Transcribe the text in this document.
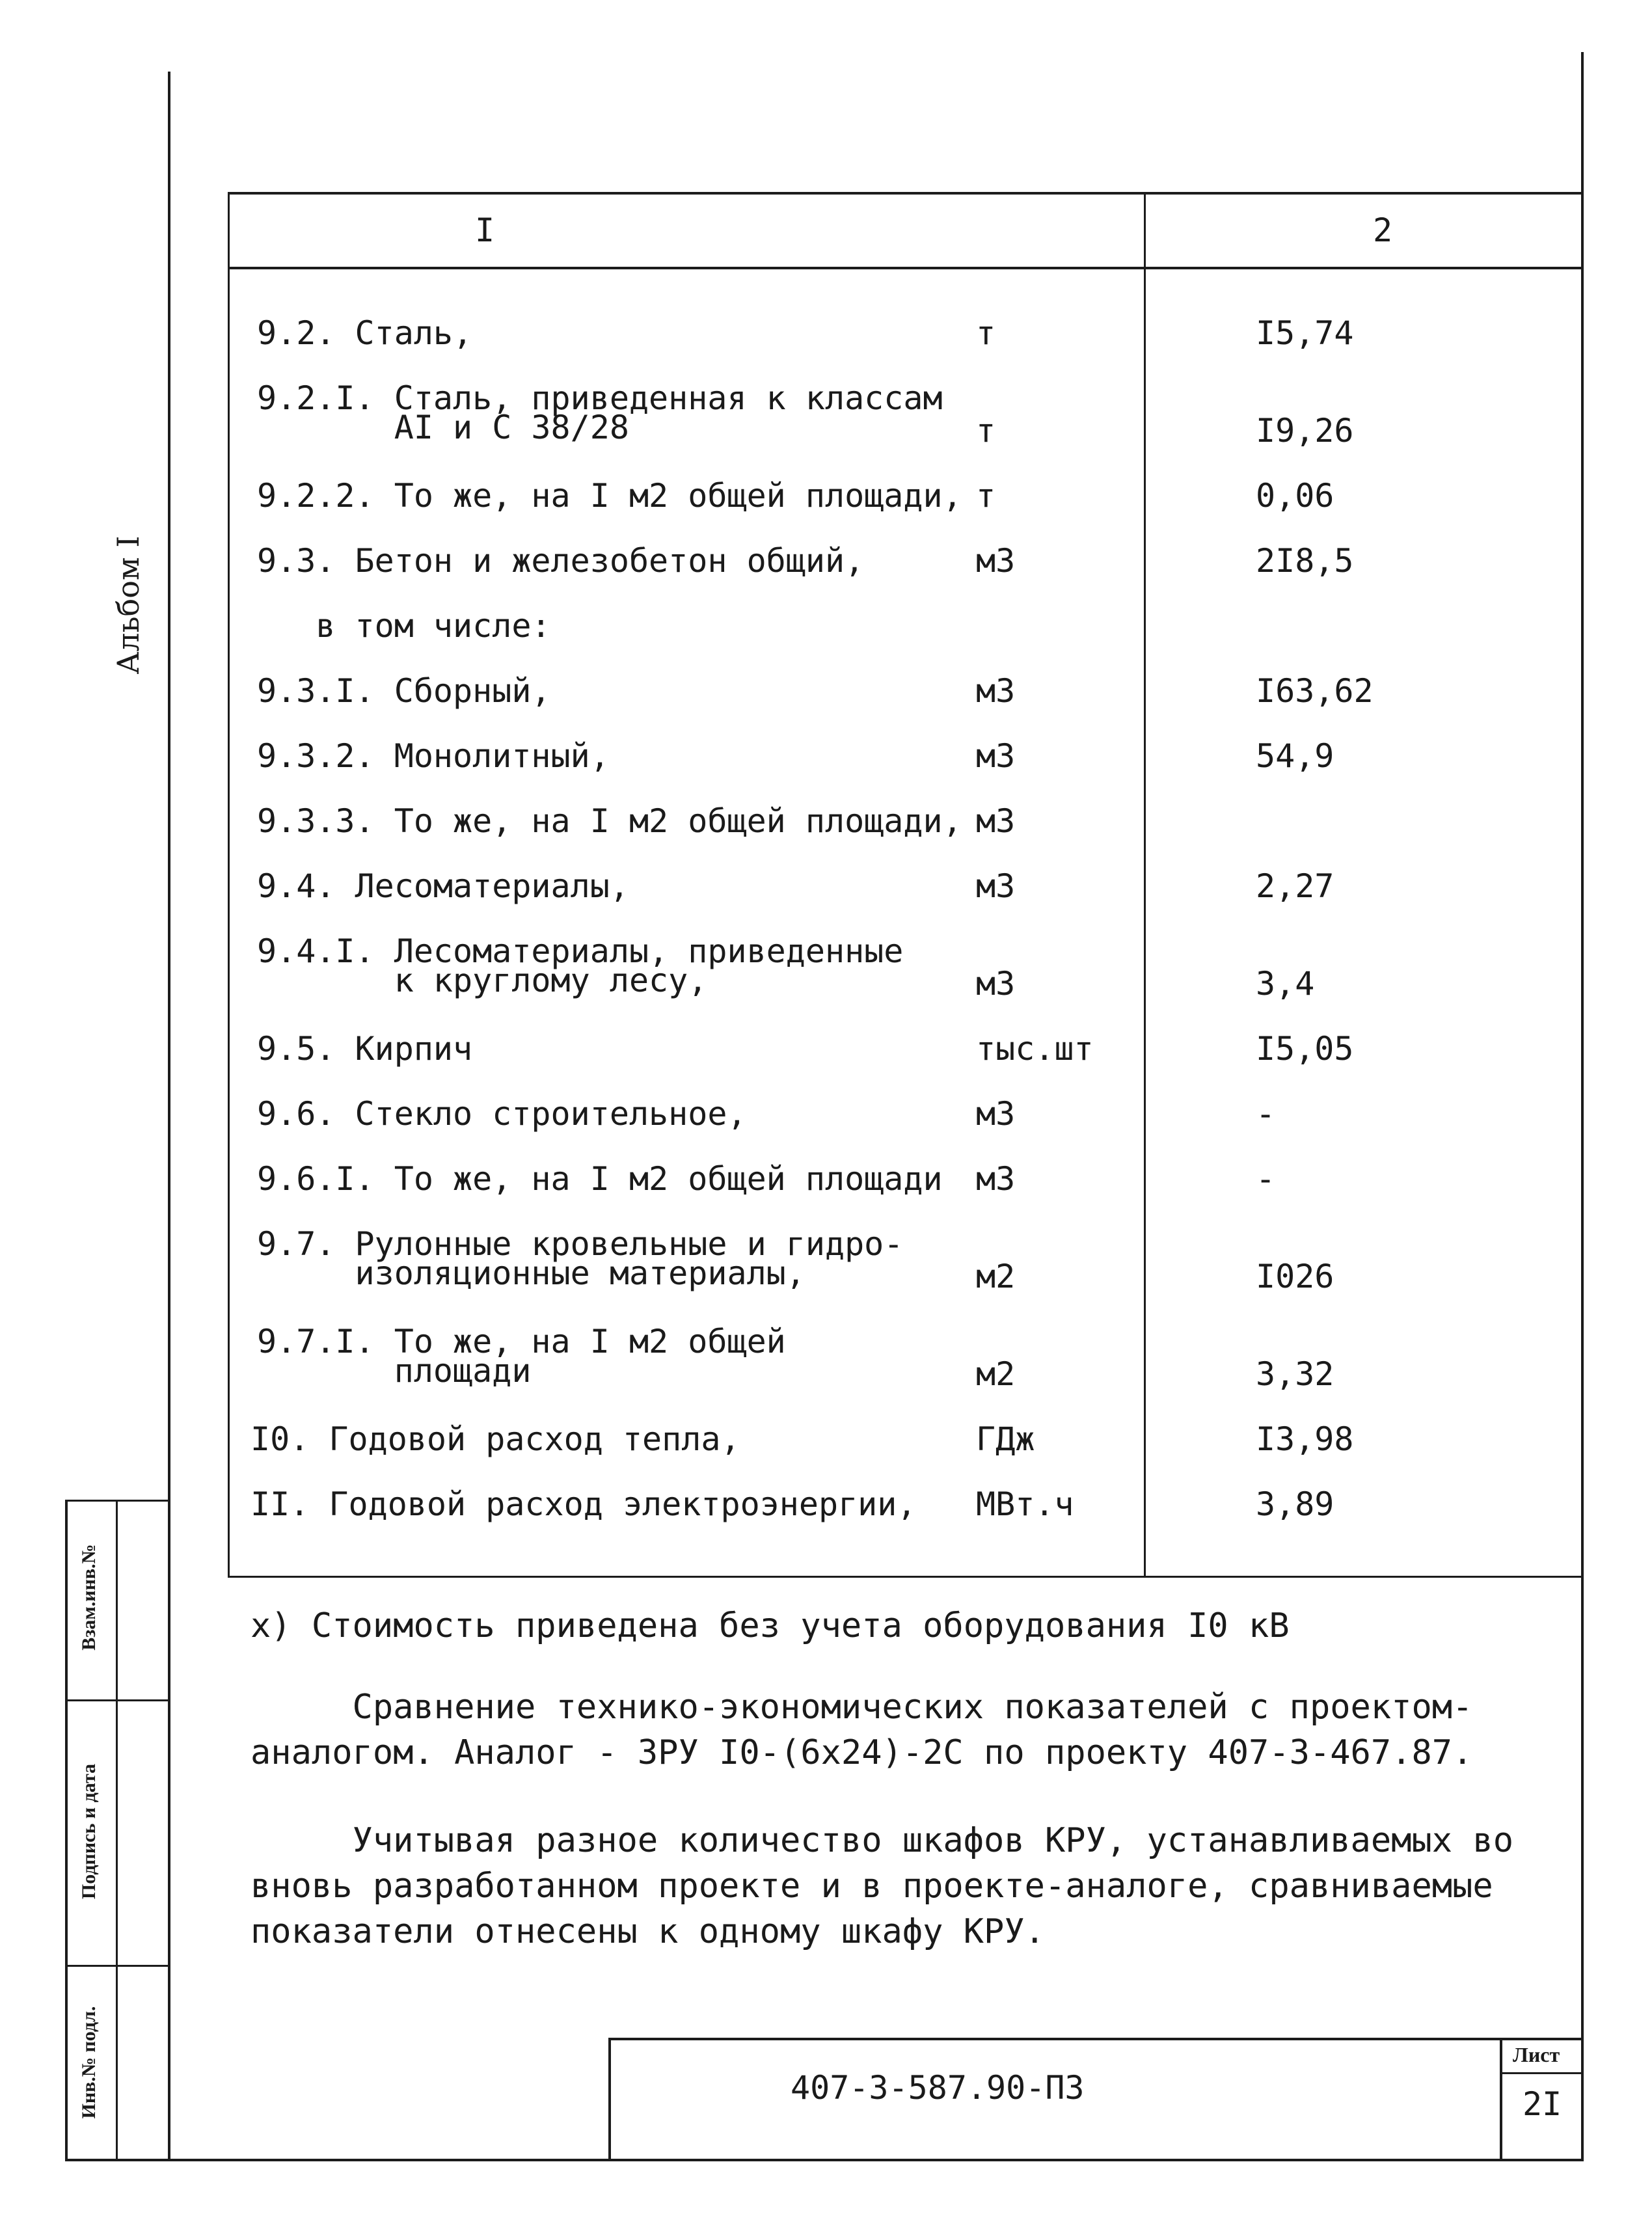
Альбом I
Взам.инв.№
Подпись и дата
Инв.№ подл.
I	2
9.2. Сталь,	т	I5,74
9.2.I. Сталь, приведенная к классам
AI и С 38/28	т	I9,26
9.2.2. То же, на I м2 общей площади, т	0,06
9.3. Бетон и железобетон общий,	м3	2I8,5
в том числе:
9.3.I. Сборный,	м3	I63,62
9.3.2. Монолитный,	м3	54,9
9.3.3. То же, на I м2 общей площади, м3
9.4. Лесоматериалы,	м3	2,27
9.4.I. Лесоматериалы, приведенные
к круглому лесу,	м3	3,4
9.5. Кирпич	тыс.шт	I5,05
9.6. Стекло строительное,	м3	-
9.6.I. То же, на I м2 общей площади м3	-
9.7. Рулонные кровельные и гидро-
изоляционные материалы,	м2	I026
9.7.I. То же, на I м2 общей
площади	м2	3,32
I0. Годовой расход тепла,	ГДж	I3,98
II. Годовой расход электроэнергии, МВт.ч	3,89
х) Стоимость приведена без учета оборудования I0 кВ
Сравнение технико-экономических показателей с проектом-
аналогом. Аналог - ЗРУ I0-(6х24)-2С по проекту 407-3-467.87.
Учитывая разное количество шкафов КРУ, устанавливаемых во
вновь разработанном проекте и в проекте-аналоге, сравниваемые
показатели отнесены к одному шкафу КРУ.
407-3-587.90-ПЗ
Лист
2I
